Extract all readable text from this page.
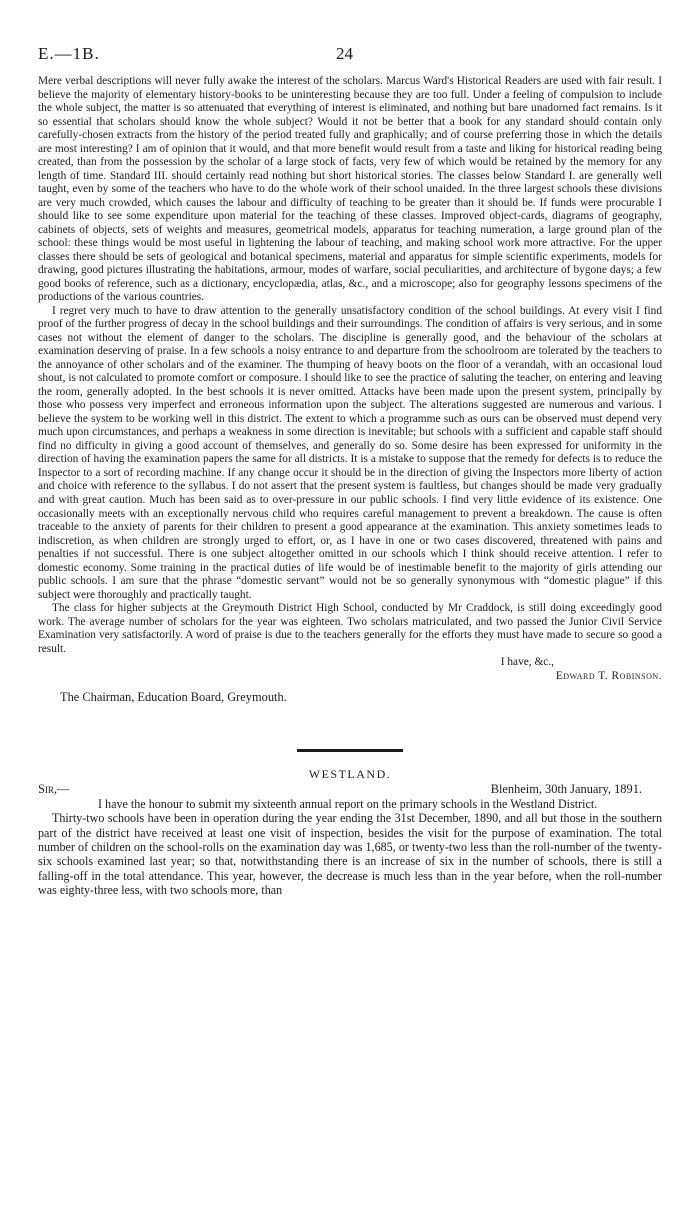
E.—1B.	24

Mere verbal descriptions will never fully awake the interest of the scholars. Marcus Ward's Historical Readers are used with fair result. I believe the majority of elementary history-books to be uninteresting because they are too full. Under a feeling of compulsion to include the whole subject, the matter is so attenuated that everything of interest is eliminated, and nothing but bare unadorned fact remains. Is it so essential that scholars should know the whole subject? Would it not be better that a book for any standard should contain only carefully-chosen extracts from the history of the period treated fully and graphically; and of course preferring those in which the details are most interesting? I am of opinion that it would, and that more benefit would result from a taste and liking for historical reading being created, than from the possession by the scholar of a large stock of facts, very few of which would be retained by the memory for any length of time. Standard III. should certainly read nothing but short historical stories. The classes below Standard I. are generally well taught, even by some of the teachers who have to do the whole work of their school unaided. In the three largest schools these divisions are very much crowded, which causes the labour and difficulty of teaching to be greater than it should be. If funds were procurable I should like to see some expenditure upon material for the teaching of these classes. Improved object-cards, diagrams of geography, cabinets of objects, sets of weights and measures, geometrical models, apparatus for teaching numeration, a large ground plan of the school: these things would be most useful in lightening the labour of teaching, and making school work more attractive. For the upper classes there should be sets of geological and botanical specimens, material and apparatus for simple scientific experiments, models for drawing, good pictures illustrating the habitations, armour, modes of warfare, social peculiarities, and architecture of bygone days; a few good books of reference, such as a dictionary, encyclopædia, atlas, &c., and a microscope; also for geography lessons specimens of the productions of the various countries.

I regret very much to have to draw attention to the generally unsatisfactory condition of the school buildings. At every visit I find proof of the further progress of decay in the school buildings and their surroundings. The condition of affairs is very serious, and in some cases not without the element of danger to the scholars. The discipline is generally good, and the behaviour of the scholars at examination deserving of praise. In a few schools a noisy entrance to and departure from the schoolroom are tolerated by the teachers to the annoyance of other scholars and of the examiner. The thumping of heavy boots on the floor of a verandah, with an occasional loud shout, is not calculated to promote comfort or composure. I should like to see the practice of saluting the teacher, on entering and leaving the room, generally adopted. In the best schools it is never omitted. Attacks have been made upon the present system, principally by those who possess very imperfect and erroneous information upon the subject. The alterations suggested are numerous and various. I believe the system to be working well in this district. The extent to which a programme such as ours can be observed must depend very much upon circumstances, and perhaps a weakness in some direction is inevitable; but schools with a sufficient and capable staff should find no difficulty in giving a good account of themselves, and generally do so. Some desire has been expressed for uniformity in the direction of having the examination papers the same for all districts. It is a mistake to suppose that the remedy for defects is to reduce the Inspector to a sort of recording machine. If any change occur it should be in the direction of giving the Inspectors more liberty of action and choice with reference to the syllabus. I do not assert that the present system is faultless, but changes should be made very gradually and with great caution. Much has been said as to over-pressure in our public schools. I find very little evidence of its existence. One occasionally meets with an exceptionally nervous child who requires careful management to prevent a breakdown. The cause is often traceable to the anxiety of parents for their children to present a good appearance at the examination. This anxiety sometimes leads to indiscretion, as when children are strongly urged to effort, or, as I have in one or two cases discovered, threatened with pains and penalties if not successful. There is one subject altogether omitted in our schools which I think should receive attention. I refer to domestic economy. Some training in the practical duties of life would be of inestimable benefit to the majority of girls attending our public schools. I am sure that the phrase “domestic servant” would not be so generally synonymous with “domestic plague” if this subject were thoroughly and practically taught.

The class for higher subjects at the Greymouth District High School, conducted by Mr Craddock, is still doing exceedingly good work. The average number of scholars for the year was eighteen. Two scholars matriculated, and two passed the Junior Civil Service Examination very satisfactorily. A word of praise is due to the teachers generally for the efforts they must have made to secure so good a result.

I have, &c.,
Edward T. Robinson.
The Chairman, Education Board, Greymouth.
WESTLAND.
Sir,—	Blenheim, 30th January, 1891.

I have the honour to submit my sixteenth annual report on the primary schools in the Westland District.

Thirty-two schools have been in operation during the year ending the 31st December, 1890, and all but those in the southern part of the district have received at least one visit of inspection, besides the visit for the purpose of examination. The total number of children on the school-rolls on the examination day was 1,685, or twenty-two less than the roll-number of the twenty-six schools examined last year; so that, notwithstanding there is an increase of six in the number of schools, there is still a falling-off in the total attendance. This year, however, the decrease is much less than in the year before, when the roll-number was eighty-three less, with two schools more, than
